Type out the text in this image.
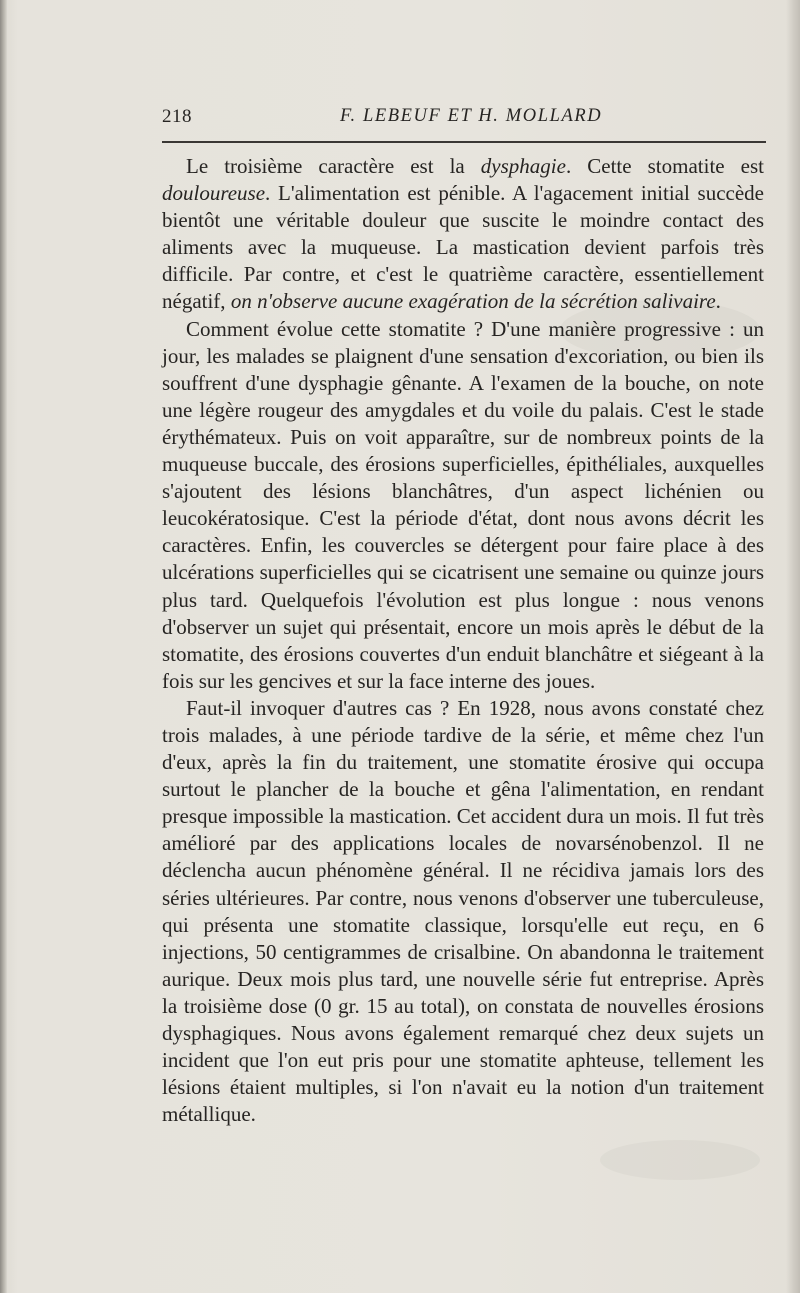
218	F. LEBEUF ET H. MOLLARD

Le troisième caractère est la dysphagie. Cette stomatite est douloureuse. L'alimentation est pénible. A l'agacement initial succède bientôt une véritable douleur que suscite le moindre contact des aliments avec la muqueuse. La mastication devient parfois très difficile. Par contre, et c'est le quatrième caractère, essentiellement négatif, on n'observe aucune exagération de la sécrétion salivaire.

Comment évolue cette stomatite ? D'une manière progressive : un jour, les malades se plaignent d'une sensation d'excoriation, ou bien ils souffrent d'une dysphagie gênante. A l'examen de la bouche, on note une légère rougeur des amygdales et du voile du palais. C'est le stade érythémateux. Puis on voit apparaître, sur de nombreux points de la muqueuse buccale, des érosions superficielles, épithéliales, auxquelles s'ajoutent des lésions blanchâtres, d'un aspect lichénien ou leucokératosique. C'est la période d'état, dont nous avons décrit les caractères. Enfin, les couvercles se détergent pour faire place à des ulcérations superficielles qui se cicatrisent une semaine ou quinze jours plus tard. Quelquefois l'évolution est plus longue : nous venons d'observer un sujet qui présentait, encore un mois après le début de la stomatite, des érosions couvertes d'un enduit blanchâtre et siégeant à la fois sur les gencives et sur la face interne des joues.

Faut-il invoquer d'autres cas ? En 1928, nous avons constaté chez trois malades, à une période tardive de la série, et même chez l'un d'eux, après la fin du traitement, une stomatite érosive qui occupa surtout le plancher de la bouche et gêna l'alimentation, en rendant presque impossible la mastication. Cet accident dura un mois. Il fut très amélioré par des applications locales de novarsénobenzol. Il ne déclencha aucun phénomène général. Il ne récidiva jamais lors des séries ultérieures. Par contre, nous venons d'observer une tuberculeuse, qui présenta une stomatite classique, lorsqu'elle eut reçu, en 6 injections, 50 centigrammes de crisalbine. On abandonna le traitement aurique. Deux mois plus tard, une nouvelle série fut entreprise. Après la troisième dose (0 gr. 15 au total), on constata de nouvelles érosions dysphagiques. Nous avons également remarqué chez deux sujets un incident que l'on eut pris pour une stomatite aphteuse, tellement les lésions étaient multiples, si l'on n'avait eu la notion d'un traitement métallique.
